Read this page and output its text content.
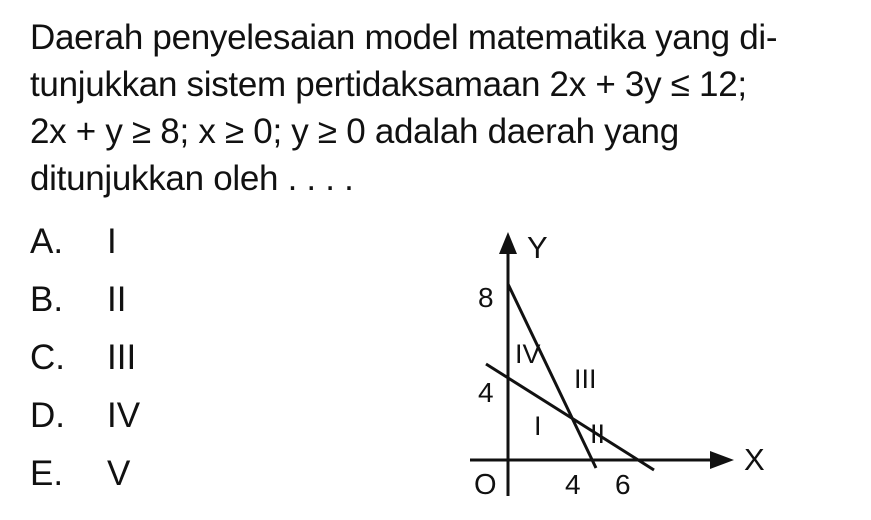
Daerah penyelesaian model matematika yang di-
tunjukkan sistem pertidaksamaan 2x + 3y ≤ 12;
2x + y ≥ 8; x ≥ 0; y ≥ 0 adalah daerah yang
ditunjukkan oleh . . . .
A. I
B. II
C. III
D. IV
E. V
Y
X
O
8
4
4 6
I II
III
IV
